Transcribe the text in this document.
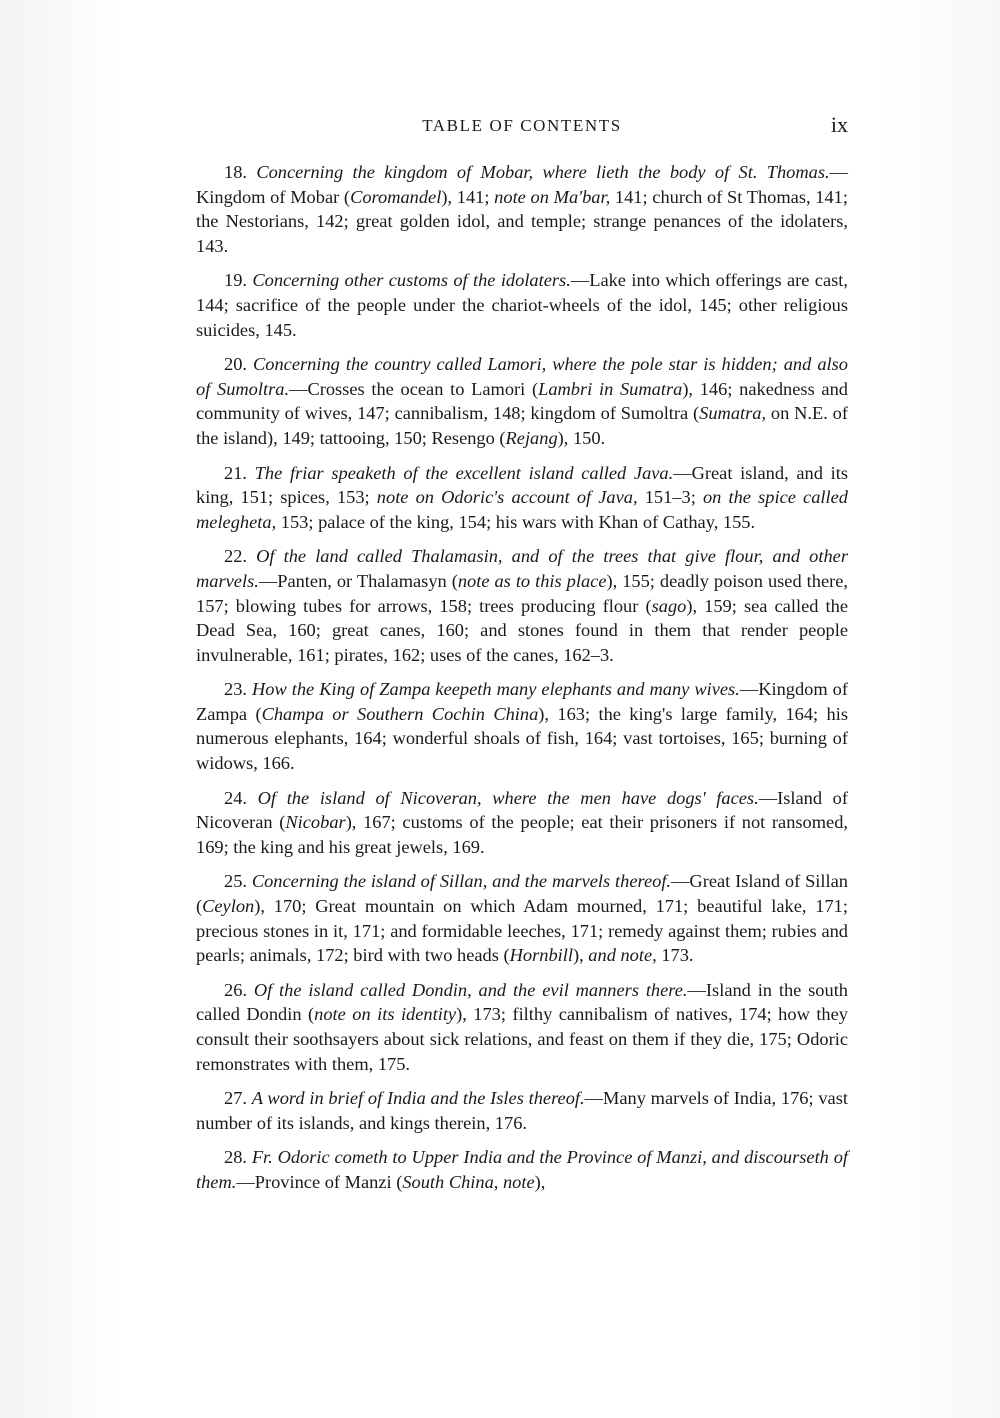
TABLE OF CONTENTS	ix

18. Concerning the kingdom of Mobar, where lieth the body of St. Thomas.—Kingdom of Mobar (Coromandel), 141; note on Ma'bar, 141; church of St Thomas, 141; the Nestorians, 142; great golden idol, and temple; strange penances of the idolaters, 143.

19. Concerning other customs of the idolaters.—Lake into which offerings are cast, 144; sacrifice of the people under the chariot-wheels of the idol, 145; other religious suicides, 145.

20. Concerning the country called Lamori, where the pole star is hidden; and also of Sumoltra.—Crosses the ocean to Lamori (Lambri in Sumatra), 146; nakedness and community of wives, 147; cannibalism, 148; kingdom of Sumoltra (Sumatra, on N.E. of the island), 149; tattooing, 150; Resengo (Rejang), 150.

21. The friar speaketh of the excellent island called Java.—Great island, and its king, 151; spices, 153; note on Odoric's account of Java, 151–3; on the spice called melegheta, 153; palace of the king, 154; his wars with Khan of Cathay, 155.

22. Of the land called Thalamasin, and of the trees that give flour, and other marvels.—Panten, or Thalamasyn (note as to this place), 155; deadly poison used there, 157; blowing tubes for arrows, 158; trees producing flour (sago), 159; sea called the Dead Sea, 160; great canes, 160; and stones found in them that render people invulnerable, 161; pirates, 162; uses of the canes, 162–3.

23. How the King of Zampa keepeth many elephants and many wives.—Kingdom of Zampa (Champa or Southern Cochin China), 163; the king's large family, 164; his numerous elephants, 164; wonderful shoals of fish, 164; vast tortoises, 165; burning of widows, 166.

24. Of the island of Nicoveran, where the men have dogs' faces.—Island of Nicoveran (Nicobar), 167; customs of the people; eat their prisoners if not ransomed, 169; the king and his great jewels, 169.

25. Concerning the island of Sillan, and the marvels thereof.—Great Island of Sillan (Ceylon), 170; Great mountain on which Adam mourned, 171; beautiful lake, 171; precious stones in it, 171; and formidable leeches, 171; remedy against them; rubies and pearls; animals, 172; bird with two heads (Hornbill), and note, 173.

26. Of the island called Dondin, and the evil manners there.—Island in the south called Dondin (note on its identity), 173; filthy cannibalism of natives, 174; how they consult their soothsayers about sick relations, and feast on them if they die, 175; Odoric remonstrates with them, 175.

27. A word in brief of India and the Isles thereof.—Many marvels of India, 176; vast number of its islands, and kings therein, 176.

28. Fr. Odoric cometh to Upper India and the Province of Manzi, and discourseth of them.—Province of Manzi (South China, note),
